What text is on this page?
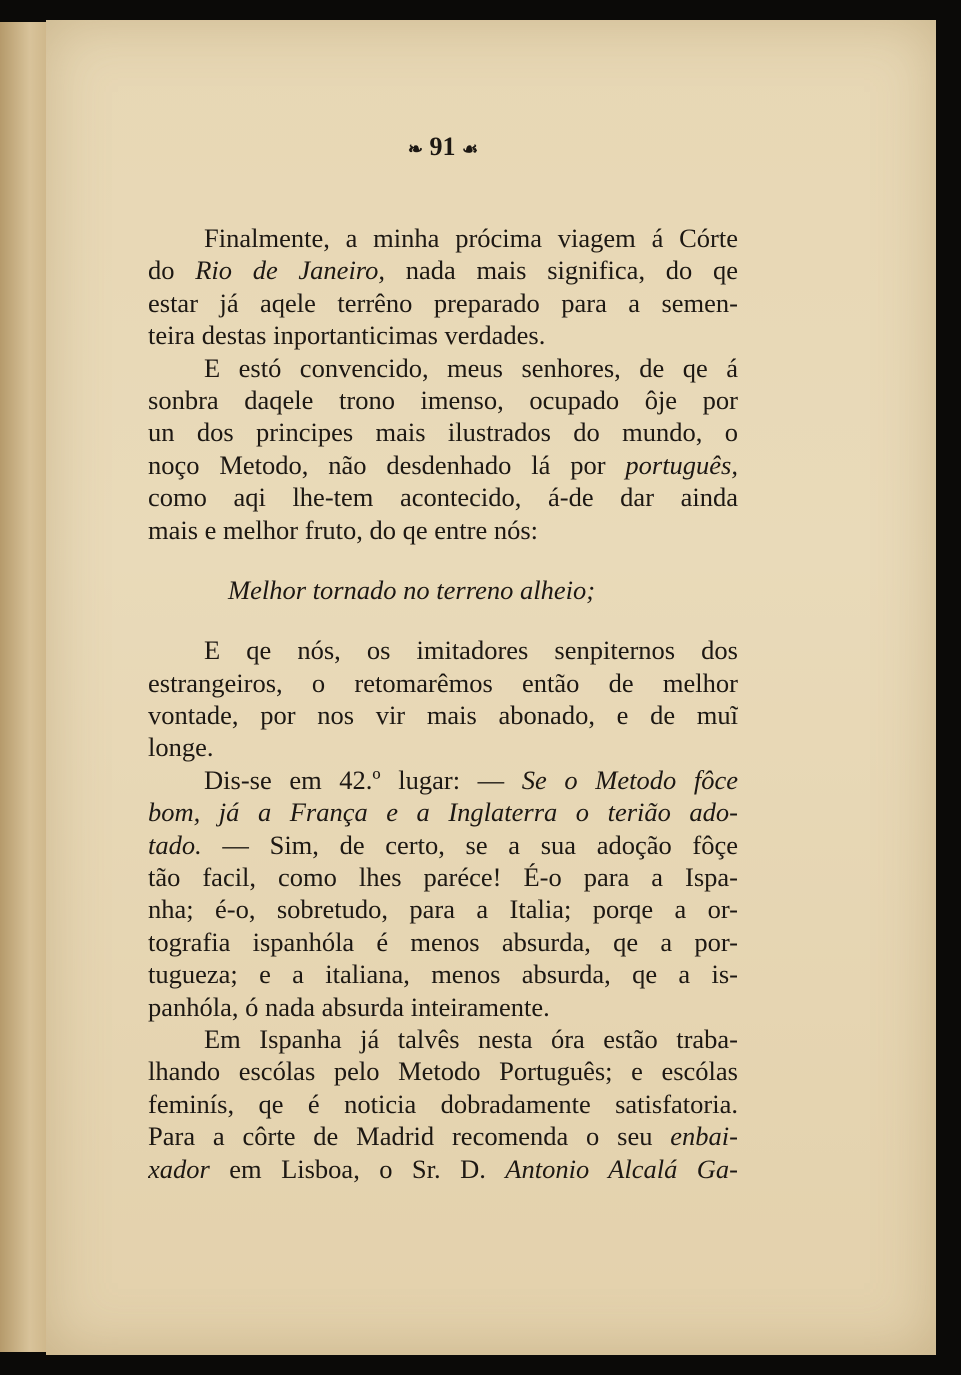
❧ 91 ☙
Finalmente, a minha prócima viagem á Córte
do Rio de Janeiro, nada mais significa, do qe
estar já aqele terrêno preparado para a semen-
teira destas inportanticimas verdades.
E estó convencido, meus senhores, de qe á
sonbra daqele trono imenso, ocupado ôje por
un dos principes mais ilustrados do mundo, o
noço Metodo, não desdenhado lá por português,
como aqi lhe-tem acontecido, á-de dar ainda
mais e melhor fruto, do qe entre nós:
Melhor tornado no terreno alheio;
E qe nós, os imitadores senpiternos dos
estrangeiros, o retomarêmos então de melhor
vontade, por nos vir mais abonado, e de muĩ
longe.
Dis-se em 42.º lugar: — Se o Metodo fôce
bom, já a França e a Inglaterra o terião ado-
tado. — Sim, de certo, se a sua adoção fôçe
tão facil, como lhes paréce! É-o para a Ispa-
nha; é-o, sobretudo, para a Italia; porqe a or-
tografia ispanhóla é menos absurda, qe a por-
tugueza; e a italiana, menos absurda, qe a is-
panhóla, ó nada absurda inteiramente.
Em Ispanha já talvês nesta óra estão traba-
lhando escólas pelo Metodo Português; e escólas
feminís, qe é noticia dobradamente satisfatoria.
Para a côrte de Madrid recomenda o seu enbai-
xador em Lisboa, o Sr. D. Antonio Alcalá Ga-
